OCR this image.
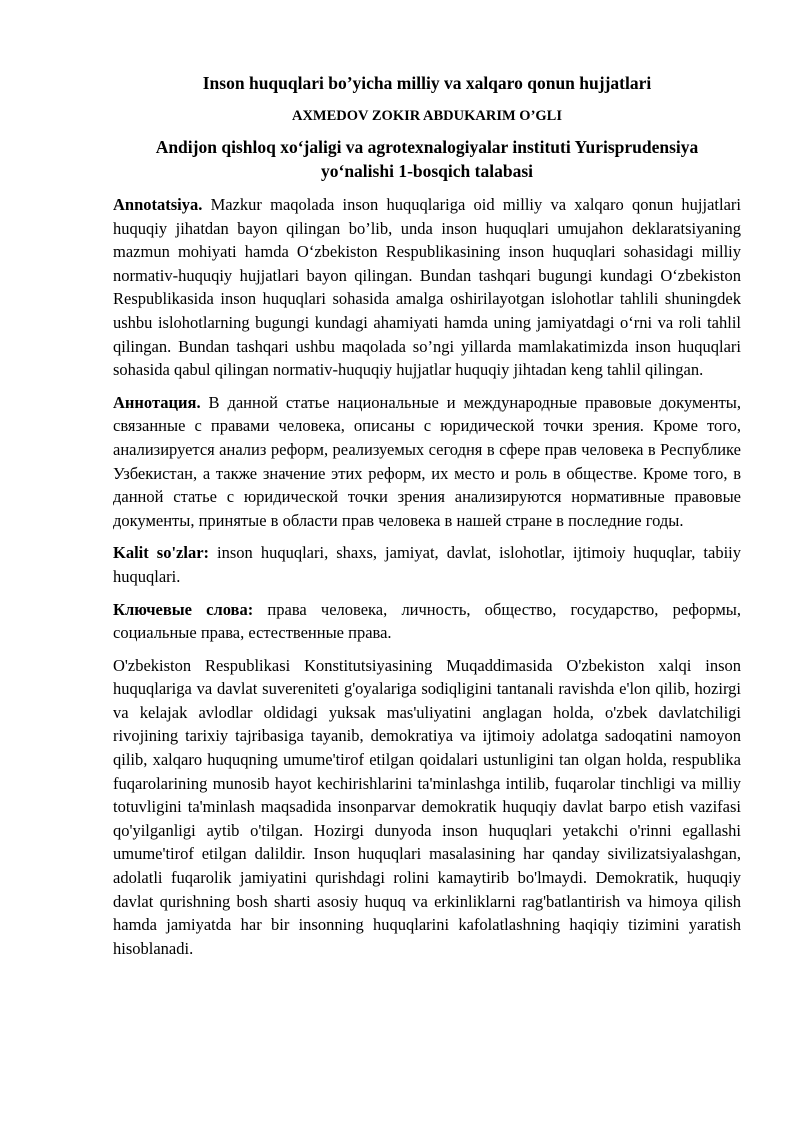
Inson huquqlari bo’yicha milliy va xalqaro qonun hujjatlari
AXMEDOV ZOKIR ABDUKARIM O’GLI
Andijon qishloq xo‘jaligi va agrotexnalogiyalar instituti Yurisprudensiya
yo‘nalishi 1-bosqich talabasi

Annotatsiya. Mazkur maqolada inson huquqlariga oid milliy va xalqaro qonun hujjatlari huquqiy jihatdan bayon qilingan bo’lib, unda inson huquqlari umujahon deklaratsiyaning mazmun mohiyati hamda O‘zbekiston Respublikasining inson huquqlari sohasidagi milliy normativ-huquqiy hujjatlari bayon qilingan. Bundan tashqari bugungi kundagi O‘zbekiston Respublikasida inson huquqlari sohasida amalga oshirilayotgan islohotlar tahlili shuningdek ushbu islohotlarning bugungi kundagi ahamiyati hamda uning jamiyatdagi o‘rni va roli tahlil qilingan. Bundan tashqari ushbu maqolada so’ngi yillarda mamlakatimizda inson huquqlari sohasida qabul qilingan normativ-huquqiy hujjatlar huquqiy jihtadan keng tahlil qilingan.

Аннотация. В данной статье национальные и международные правовые документы, связанные с правами человека, описаны с юридической точки зрения. Кроме того, анализируется анализ реформ, реализуемых сегодня в сфере прав человека в Республике Узбекистан, а также значение этих реформ, их место и роль в обществе. Кроме того, в данной статье с юридической точки зрения анализируются нормативные правовые документы, принятые в области прав человека в нашей стране в последние годы.

Kalit so'zlar: inson huquqlari, shaxs, jamiyat, davlat, islohotlar, ijtimoiy huquqlar, tabiiy huquqlari.

Ключевые слова: права человека, личность, общество, государство, реформы, социальные права, естественные права.

O'zbekiston Respublikasi Konstitutsiyasining Muqaddimasida O'zbekiston xalqi inson huquqlariga va davlat suvereniteti g'oyalariga sodiqligini tantanali ravishda e'lon qilib, hozirgi va kelajak avlodlar oldidagi yuksak mas'uliyatini anglagan holda, o'zbek davlatchiligi rivojining tarixiy tajribasiga tayanib, demokratiya va ijtimoiy adolatga sadoqatini namoyon qilib, xalqaro huquqning umume'tirof etilgan qoidalari ustunligini tan olgan holda, respublika fuqarolarining munosib hayot kechirishlarini ta'minlashga intilib, fuqarolar tinchligi va milliy totuvligini ta'minlash maqsadida insonparvar demokratik huquqiy davlat barpo etish vazifasi qo'yilganligi aytib o'tilgan. Hozirgi dunyoda inson huquqlari yetakchi o'rinni egallashi umume'tirof etilgan dalildir. Inson huquqlari masalasining har qanday sivilizatsiyalashgan, adolatli fuqarolik jamiyatini qurishdagi rolini kamaytirib bo'lmaydi. Demokratik, huquqiy davlat qurishning bosh sharti asosiy huquq va erkinliklarni rag'batlantirish va himoya qilish hamda jamiyatda har bir insonning huquqlarini kafolatlashning haqiqiy tizimini yaratish hisoblanadi.
